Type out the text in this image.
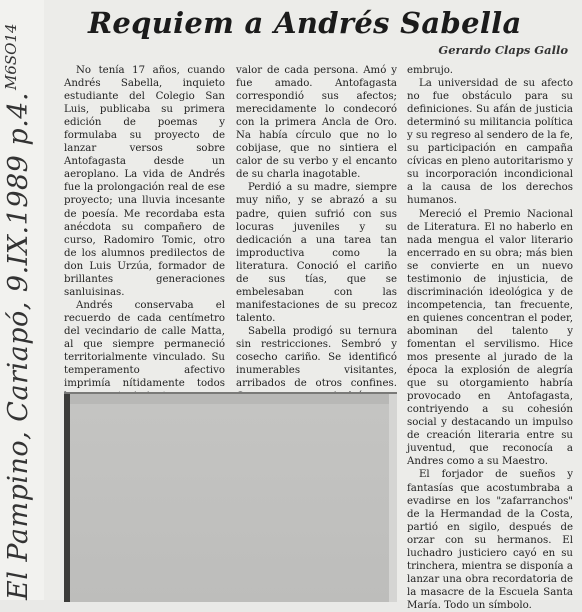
El Pampino, Cariapó, 9.IX.1989 p.4.
M6SO14
Requiem a Andrés Sabella
Gerardo Claps Gallo

No tenía 17 años, cuando Andrés Sabella, inquieto estudiante del Colegio San Luis, publicaba su primera edición de poemas y formulaba su proyecto de lanzar versos sobre Antofagasta desde un aeroplano. La vida de Andrés fue la prolongación real de ese proyecto; una lluvia incesante de poesía. Me recordaba esta anécdota su compañero de curso, Radomiro Tomic, otro de los alumnos predilectos de don Luis Urzúa, formador de brillantes generaciones sanluisinas.

Andrés conservaba el recuerdo de cada centímetro del vecindario de calle Matta, al que siempre permaneció territorialmente vinculado. Su temperamento afectivo imprimía nítidamente todos

valor de cada persona. Amó y fue amado. Antofagasta correspondió sus afectos; merecidamente lo condecoró con la primera Ancla de Oro. Na había círculo que no lo cobijase, que no sintiera el calor de su verbo y el encanto de su charla inagotable.

Perdió a su madre, siempre muy niño, y se abrazó a su padre, quien sufrió con sus locuras juveniles y su dedicación a una tarea tan improductiva como la literatura. Conoció el cariño de sus tías, que se embelesaban con las manifestaciones de su precoz talento.

Sabella prodigó su ternura sin restricciones. Sembró y cosecho cariño. Se identificó inumerables visitantes, arribados de otros confines.

embrujo.

La universidad de su afecto no fue obstáculo para su definiciones. Su afán de justicia determinó su militancia política y su regreso al sendero de la fe, su participación en campaña cívicas en pleno autoritarismo y su incorporación incondicional a la causa de los derechos humanos.

Mereció el Premio Nacional de Literatura. El no haberlo en nada mengua el valor literario encerrado en su obra; más bien se convierte en un nuevo testimonio de injusticia, de discriminación ideológica y de incompetencia, tan frecuente, en quienes concentran el poder, abominan del talento y fomentan el servilismo. Hice mos presente al jurado de la época la explosión de alegría que su otorgamiento habría provocado en Antofagasta, contriyendo a su cohesión social y destacando un impulso de creación literaria entre su juventud, que reconocía a Andres como a su Maestro.

El forjador de sueños y fantasías que acostumbraba a evadirse en los "zafarranchos" de la Hermandad de la Costa, partió en sigilo, después de orzar con su hermanos. El luchadro justiciero cayó en su trinchera, mientra se disponía a lanzar una obra recordatoria de la masacre de la Escuela Santa María. Todo un símbolo.
